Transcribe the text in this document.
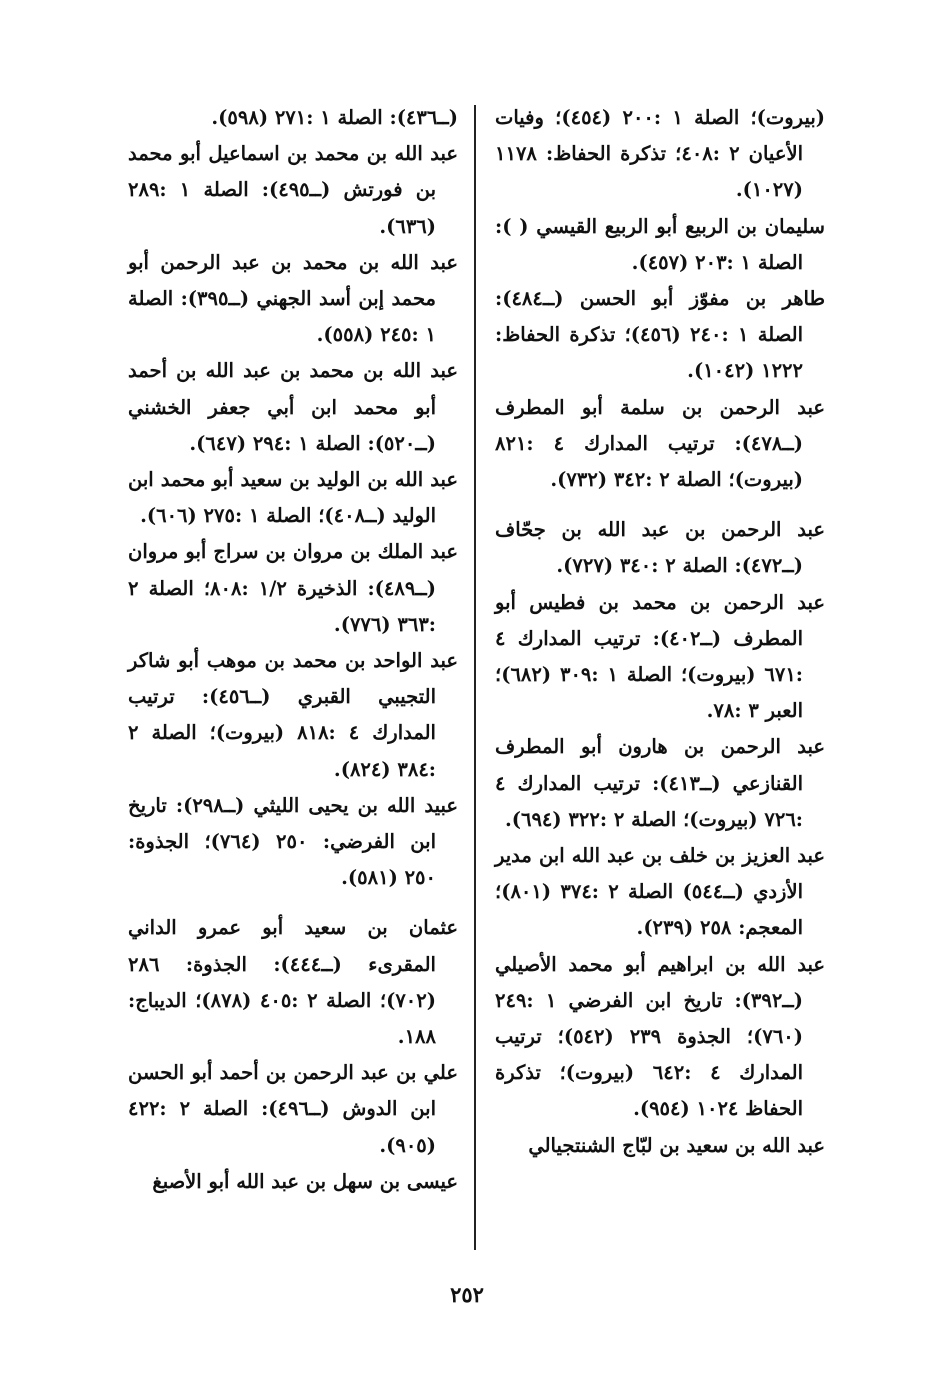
(بيروت)؛ الصلة ١ :٢٠٠ (٤٥٤)؛ وفيات الأعيان ٢ :٤٠٨؛ تذكرة الحفاظ: ١١٧٨ (١٠٢٧).

سليمان بن الربيع أبو الربيع القيسي ( ): الصلة ١ :٢٠٣ (٤٥٧).

طاهر بن مفوّز أبو الحسن (ــ٤٨٤): الصلة ١ :٢٤٠ (٤٥٦)؛ تذكرة الحفاظ: ١٢٢٢ (١٠٤٢).

عبد الرحمن بن سلمة أبو المطرف (ــ٤٧٨): ترتيب المدارك ٤ :٨٢١ (بيروت)؛ الصلة ٢ :٣٤٢ (٧٣٢).

عبد الرحمن بن عبد الله بن جحّاف (ــ٤٧٢): الصلة ٢ :٣٤٠ (٧٢٧).

عبد الرحمن بن محمد بن فطيس أبو المطرف (ــ٤٠٢): ترتيب المدارك ٤ :٦٧١ (بيروت)؛ الصلة ١ :٣٠٩ (٦٨٢)؛ العبر ٣ :٧٨.

عبد الرحمن بن هارون أبو المطرف القنازعي (ــ٤١٣): ترتيب المدارك ٤ :٧٢٦ (بيروت)؛ الصلة ٢ :٣٢٢ (٦٩٤).

عبد العزيز بن خلف بن عبد الله ابن مدير الأزدي (ــ٥٤٤) الصلة ٢ :٣٧٤ (٨٠١)؛ المعجم: ٢٥٨ (٢٣٩).

عبد الله بن ابراهيم أبو محمد الأصيلي (ــ٣٩٢): تاريخ ابن الفرضي ١ :٢٤٩ (٧٦٠)؛ الجذوة ٢٣٩ (٥٤٢)؛ ترتيب المدارك ٤ :٦٤٢ (بيروت)؛ تذكرة الحفاظ ١٠٢٤ (٩٥٤).

عبد الله بن سعيد بن لبّاج الشنتجيالي

(ــ٤٣٦): الصلة ١ :٢٧١ (٥٩٨).

عبد الله بن محمد بن اسماعيل أبو محمد بن فورتش (ــ٤٩٥): الصلة ١ :٢٨٩ (٦٣٦).

عبد الله بن محمد بن عبد الرحمن أبو محمد إبن أسد الجهني (ــ٣٩٥): الصلة ١ :٢٤٥ (٥٥٨).

عبد الله بن محمد بن عبد الله بن أحمد أبو محمد ابن أبي جعفر الخشني (ــ٥٢٠): الصلة ١ :٢٩٤ (٦٤٧).

عبد الله بن الوليد بن سعيد أبو محمد ابن الوليد (ــ٤٠٨)؛ الصلة ١ :٢٧٥ (٦٠٦).

عبد الملك بن مروان بن سراج أبو مروان (ــ٤٨٩): الذخيرة ١/٢ :٨٠٨؛ الصلة ٢ :٣٦٣ (٧٧٦).

عبد الواحد بن محمد بن موهب أبو شاكر التجيبي القبري (ــ٤٥٦): ترتيب المدارك ٤ :٨١٨ (بيروت)؛ الصلة ٢ :٣٨٤ (٨٢٤).

عبيد الله بن يحيى الليثي (ــ٢٩٨): تاريخ ابن الفرضي: ٢٥٠ (٧٦٤)؛ الجذوة: ٢٥٠ (٥٨١).

عثمان بن سعيد أبو عمرو الداني المقرىء (ــ٤٤٤): الجذوة: ٢٨٦ (٧٠٢)؛ الصلة ٢ :٤٠٥ (٨٧٨)؛ الديباج: ١٨٨.

علي بن عبد الرحمن بن أحمد أبو الحسن ابن الدوش (ــ٤٩٦): الصلة ٢ :٤٢٢ (٩٠٥).

عيسى بن سهل بن عبد الله أبو الأصبغ

٢٥٢
